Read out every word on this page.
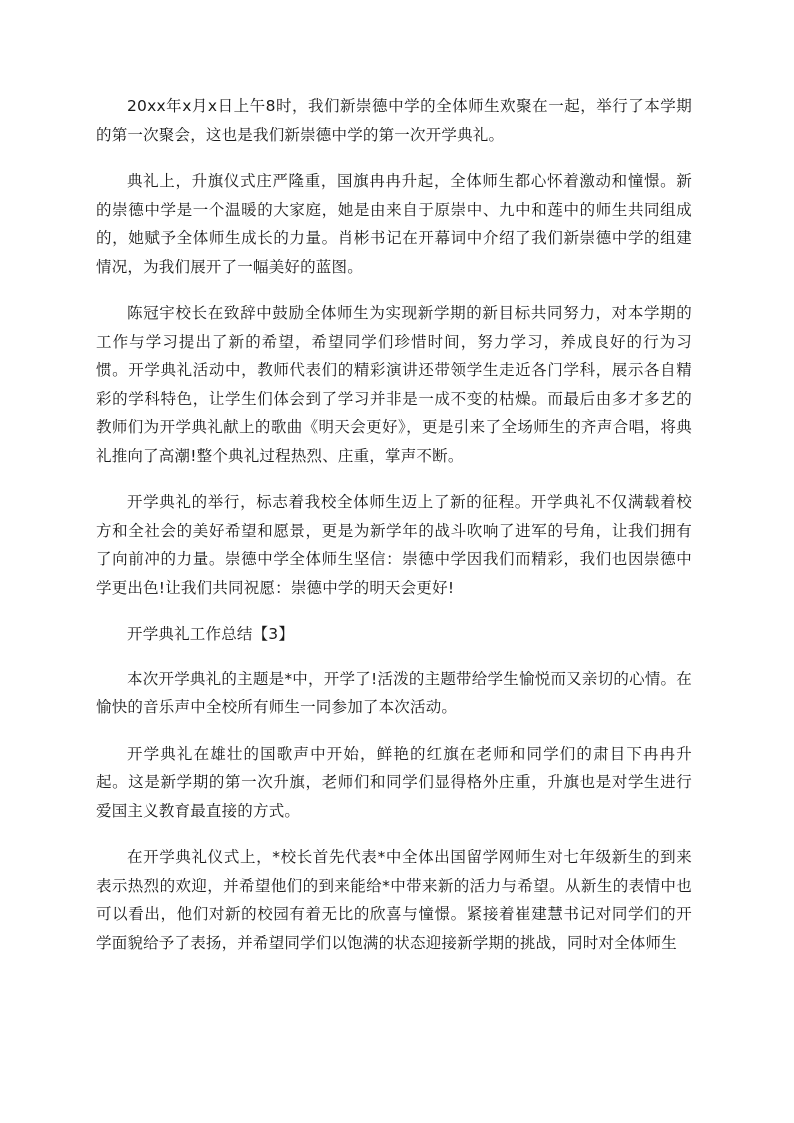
20xx年x月x日上午8时，我们新崇德中学的全体师生欢聚在一起，举行了本学期的第一次聚会，这也是我们新崇德中学的第一次开学典礼。

典礼上，升旗仪式庄严隆重，国旗冉冉升起，全体师生都心怀着激动和憧憬。新的崇德中学是一个温暖的大家庭，她是由来自于原崇中、九中和莲中的师生共同组成的，她赋予全体师生成长的力量。肖彬书记在开幕词中介绍了我们新崇德中学的组建情况，为我们展开了一幅美好的蓝图。

陈冠宇校长在致辞中鼓励全体师生为实现新学期的新目标共同努力，对本学期的工作与学习提出了新的希望，希望同学们珍惜时间，努力学习，养成良好的行为习惯。开学典礼活动中，教师代表们的精彩演讲还带领学生走近各门学科，展示各自精彩的学科特色，让学生们体会到了学习并非是一成不变的枯燥。而最后由多才多艺的教师们为开学典礼献上的歌曲《明天会更好》，更是引来了全场师生的齐声合唱，将典礼推向了高潮!整个典礼过程热烈、庄重，掌声不断。

开学典礼的举行，标志着我校全体师生迈上了新的征程。开学典礼不仅满载着校方和全社会的美好希望和愿景，更是为新学年的战斗吹响了进军的号角，让我们拥有了向前冲的力量。崇德中学全体师生坚信：崇德中学因我们而精彩，我们也因崇德中学更出色!让我们共同祝愿：崇德中学的明天会更好!

开学典礼工作总结【3】

本次开学典礼的主题是*中，开学了!活泼的主题带给学生愉悦而又亲切的心情。在愉快的音乐声中全校所有师生一同参加了本次活动。

开学典礼在雄壮的国歌声中开始，鲜艳的红旗在老师和同学们的肃目下冉冉升起。这是新学期的第一次升旗，老师们和同学们显得格外庄重，升旗也是对学生进行爱国主义教育最直接的方式。

在开学典礼仪式上，*校长首先代表*中全体出国留学网师生对七年级新生的到来表示热烈的欢迎，并希望他们的到来能给*中带来新的活力与希望。从新生的表情中也可以看出，他们对新的校园有着无比的欣喜与憧憬。紧接着崔建慧书记对同学们的开学面貌给予了表扬，并希望同学们以饱满的状态迎接新学期的挑战，同时对全体师生
